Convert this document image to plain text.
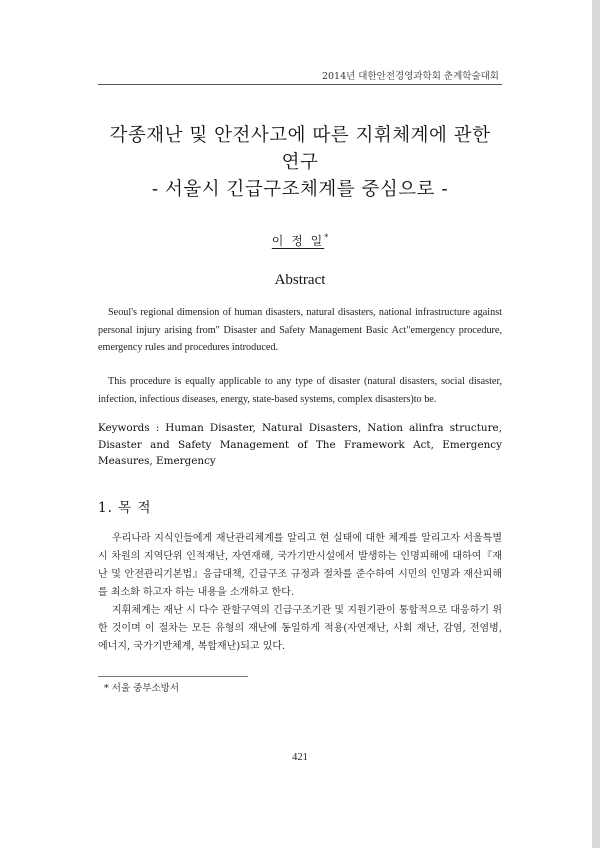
2014년 대한안전경영과학회 춘계학술대회
각종재난 및 안전사고에 따른 지휘체계에 관한
연구
- 서울시 긴급구조체계를 중심으로 -
이 정 일*
Abstract
Seoul's regional dimension of human disasters, natural disasters, national infrastructure against personal injury arising from" Disaster and Safety Management Basic Act"emergency procedure, emergency rules and procedures introduced.
This procedure is equally applicable to any type of disaster (natural disasters, social disaster, infection, infectious diseases, energy, state-based systems, complex disasters)to be.
Keywords : Human Disaster, Natural Disasters, Nation alinfra structure, Disaster and Safety Management of The Framework Act, Emergency Measures, Emergency
1. 목 적
우리나라 지식인들에게 재난관리체계를 알리고 현 실태에 대한 체계를 알리고자 서울특별시 차원의 지역단위 인적재난, 자연재해, 국가기반시설에서 발생하는 인명피해에 대하여『재난 및 안전관리기본법』응급대책, 긴급구조 규정과 절차를 준수하여 시민의 인명과 재산피해를 최소화 하고자 하는 내용을 소개하고 한다.
지휘체계는 재난 시 다수 관할구역의 긴급구조기관 및 지원기관이 통합적으로 대응하기 위한 것이며 이 절차는 모든 유형의 재난에 동일하게 적용(자연재난, 사회 재난, 감염, 전염병, 에너지, 국가기반체계, 복합재난)되고 있다.
* 서울 중부소방서
421
